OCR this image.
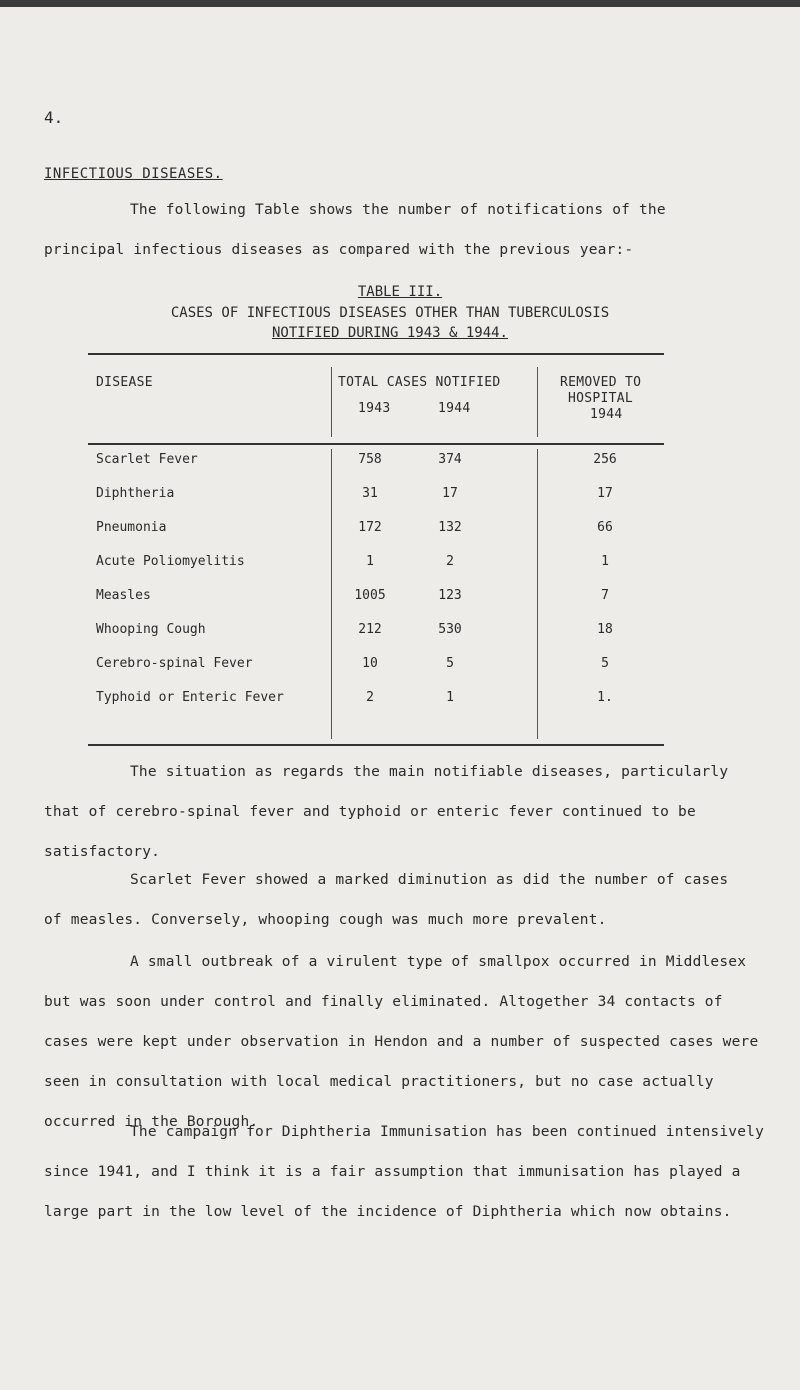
4.
INFECTIOUS DISEASES.

The following Table shows the number of notifications of the
principal infectious diseases as compared with the previous year:-

TABLE III.
CASES OF INFECTIOUS DISEASES OTHER THAN TUBERCULOSIS
NOTIFIED DURING 1943 & 1944.
DISEASE	TOTAL CASES NOTIFIED
1943	1944
REMOVED TO
HOSPITAL
1944
Scarlet Fever	758	374	256
Diphtheria	31	17	17
Pneumonia	172	132	66
Acute Poliomyelitis	1	2	1
Measles	1005	123	7
Whooping Cough	212	530	18
Cerebro-spinal Fever	10	5	5
Typhoid or Enteric Fever	2	1	1.

The situation as regards the main notifiable diseases, particularly
that of cerebro-spinal fever and typhoid or enteric fever continued to be
satisfactory.

Scarlet Fever showed a marked diminution as did the number of cases
of measles. Conversely, whooping cough was much more prevalent.

A small outbreak of a virulent type of smallpox occurred in Middlesex
but was soon under control and finally eliminated. Altogether 34 contacts of
cases were kept under observation in Hendon and a number of suspected cases were
seen in consultation with local medical practitioners, but no case actually
occurred in the Borough.

The campaign for Diphtheria Immunisation has been continued intensively
since 1941, and I think it is a fair assumption that immunisation has played a
large part in the low level of the incidence of Diphtheria which now obtains.
